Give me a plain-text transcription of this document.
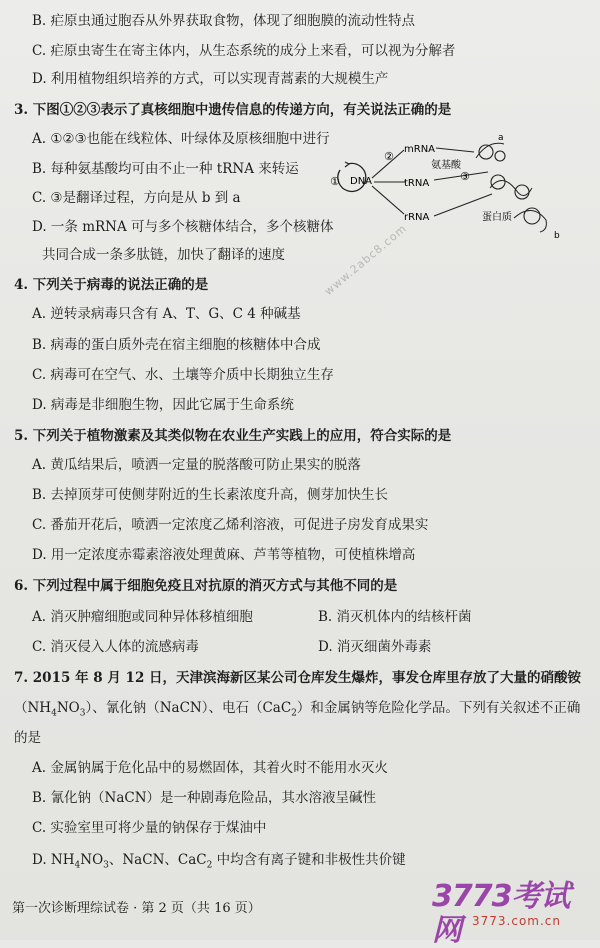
B. 疟原虫通过胞吞从外界获取食物，体现了细胞膜的流动性特点
C. 疟原虫寄生在寄主体内，从生态系统的成分上来看，可以视为分解者
D. 利用植物组织培养的方式，可以实现青蒿素的大规模生产
3. 下图①②③表示了真核细胞中遗传信息的传递方向，有关说法正确的是
A. ①②③也能在线粒体、叶绿体及原核细胞中进行
B. 每种氨基酸均可由不止一种 tRNA 来转运
C. ③是翻译过程，方向是从 b 到 a
D. 一条 mRNA 可与多个核糖体结合，多个核糖体
共同合成一条多肽链，加快了翻译的速度
① DNA
②
mRNA
tRNA
rRNA
氨基酸
③
a
蛋白质
b
www.2abc8.com
4. 下列关于病毒的说法正确的是
A. 逆转录病毒只含有 A、T、G、C 4 种碱基
B. 病毒的蛋白质外壳在宿主细胞的核糖体中合成
C. 病毒可在空气、水、土壤等介质中长期独立生存
D. 病毒是非细胞生物，因此它属于生命系统
5. 下列关于植物激素及其类似物在农业生产实践上的应用，符合实际的是
A. 黄瓜结果后，喷洒一定量的脱落酸可防止果实的脱落
B. 去掉顶芽可使侧芽附近的生长素浓度升高，侧芽加快生长
C. 番茄开花后，喷洒一定浓度乙烯利溶液，可促进子房发育成果实
D. 用一定浓度赤霉素溶液处理黄麻、芦苇等植物，可使植株增高
6. 下列过程中属于细胞免疫且对抗原的消灭方式与其他不同的是
A. 消灭肿瘤细胞或同种异体移植细胞	B. 消灭机体内的结核杆菌
C. 消灭侵入人体的流感病毒	D. 消灭细菌外毒素
7. 2015 年 8 月 12 日，天津滨海新区某公司仓库发生爆炸，事发仓库里存放了大量的硝酸铵
$(NH_4NO_3)$、氰化钠（NaCN）、电石（CaC$_2$）和金属钠等危险化学品。下列有关叙述不正确
的是
A. 金属钠属于危化品中的易燃固体，其着火时不能用水灭火
B. 氰化钠（NaCN）是一种剧毒危险品，其水溶液呈碱性
C. 实验室里可将少量的钠保存于煤油中
D. $NH_4NO_3$、NaCN、CaC$_2$ 中均含有离子键和非极性共价键
第一次诊断理综试卷 · 第 2 页（共 16 页）	3773考试网 3773.com.cn
